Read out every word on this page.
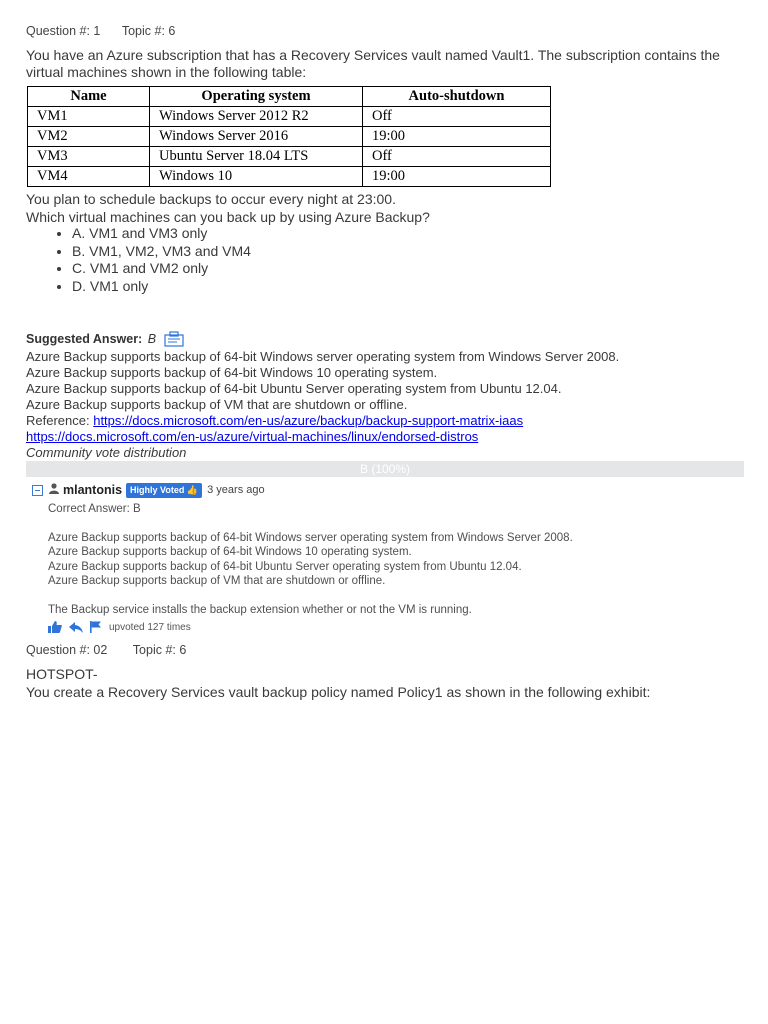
Question #: 1 Topic #: 6
You have an Azure subscription that has a Recovery Services vault named Vault1. The subscription contains the virtual machines shown in the following table:
Name	Operating system	Auto-shutdown
VM1	Windows Server 2012 R2	Off
VM2	Windows Server 2016	19:00
VM3	Ubuntu Server 18.04 LTS	Off
VM4	Windows 10	19:00
You plan to schedule backups to occur every night at 23:00.
Which virtual machines can you back up by using Azure Backup?
• A. VM1 and VM3 only
• B. VM1, VM2, VM3 and VM4
• C. VM1 and VM2 only
• D. VM1 only
Suggested Answer: B
Azure Backup supports backup of 64-bit Windows server operating system from Windows Server 2008.
Azure Backup supports backup of 64-bit Windows 10 operating system.
Azure Backup supports backup of 64-bit Ubuntu Server operating system from Ubuntu 12.04.
Azure Backup supports backup of VM that are shutdown or offline.
Reference: https://docs.microsoft.com/en-us/azure/backup/backup-support-matrix-iaas
https://docs.microsoft.com/en-us/azure/virtual-machines/linux/endorsed-distros
Community vote distribution
B (100%)
mlantonis Highly Voted 👍 3 years ago

Correct Answer: B

Azure Backup supports backup of 64-bit Windows server operating system from Windows Server 2008.

Azure Backup supports backup of 64-bit Windows 10 operating system.

Azure Backup supports backup of 64-bit Ubuntu Server operating system from Ubuntu 12.04.

Azure Backup supports backup of VM that are shutdown or offline.

The Backup service installs the backup extension whether or not the VM is running.

upvoted 127 times
Question #: 02 Topic #: 6
HOTSPOT-
You create a Recovery Services vault backup policy named Policy1 as shown in the following exhibit:
